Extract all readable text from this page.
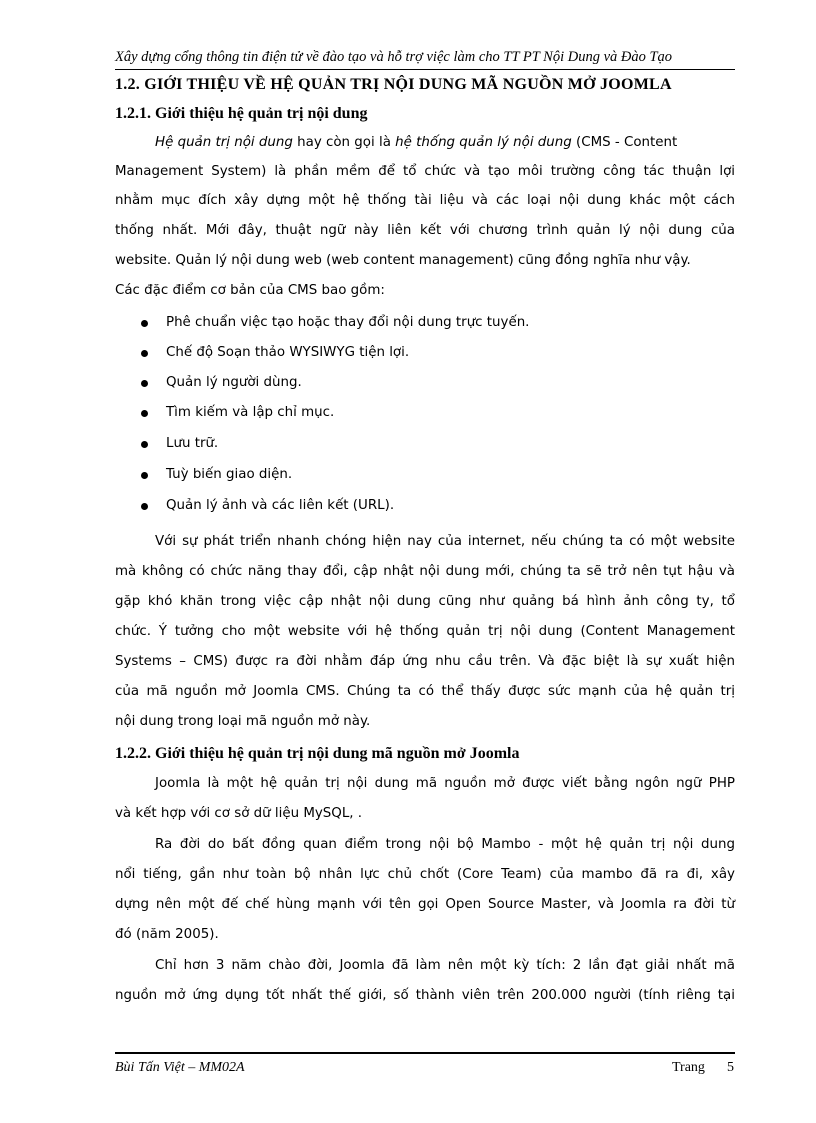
Xây dựng cổng thông tin điện tử về đào tạo và hỗ trợ việc làm cho TT PT Nội Dung và Đào Tạo
1.2. GIỚI THIỆU VỀ HỆ QUẢN TRỊ NỘI DUNG MÃ NGUỒN MỞ JOOMLA
1.2.1. Giới thiệu hệ quản trị nội dung
Hệ quản trị nội dung hay còn gọi là hệ thống quản lý nội dung (CMS - Content
Management System) là phần mềm để tổ chức và tạo môi trường công tác thuận lợi
nhằm mục đích xây dựng một hệ thống tài liệu và các loại nội dung khác một cách
thống nhất. Mới đây, thuật ngữ này liên kết với chương trình quản lý nội dung của
website. Quản lý nội dung web (web content management) cũng đồng nghĩa như vậy.
Các đặc điểm cơ bản của CMS bao gồm:
Phê chuẩn việc tạo hoặc thay đổi nội dung trực tuyến.
Chế độ Soạn thảo WYSIWYG tiện lợi.
Quản lý người dùng.
Tìm kiếm và lập chỉ mục.
Lưu trữ.
Tuỳ biến giao diện.
Quản lý ảnh và các liên kết (URL).
Với sự phát triển nhanh chóng hiện nay của internet, nếu chúng ta có một website
mà không có chức năng thay đổi, cập nhật nội dung mới, chúng ta sẽ trở nên tụt hậu và
gặp khó khăn trong việc cập nhật nội dung cũng như quảng bá hình ảnh công ty, tổ
chức. Ý tưởng cho một website với hệ thống quản trị nội dung (Content Management
Systems – CMS) được ra đời nhằm đáp ứng nhu cầu trên. Và đặc biệt là sự xuất hiện
của mã nguồn mở Joomla CMS. Chúng ta có thể thấy được sức mạnh của hệ quản trị
nội dung trong loại mã nguồn mở này.
1.2.2. Giới thiệu hệ quản trị nội dung mã nguồn mở Joomla
Joomla là một hệ quản trị nội dung mã nguồn mở được viết bằng ngôn ngữ PHP
và kết hợp với cơ sở dữ liệu MySQL, .
Ra đời do bất đồng quan điểm trong nội bộ Mambo - một hệ quản trị nội dung
nổi tiếng, gần như toàn bộ nhân lực chủ chốt (Core Team) của mambo đã ra đi, xây
dựng nên một đế chế hùng mạnh với tên gọi Open Source Master, và Joomla ra đời từ
đó (năm 2005).
Chỉ hơn 3 năm chào đời, Joomla đã làm nên một kỳ tích: 2 lần đạt giải nhất mã
nguồn mở ứng dụng tốt nhất thế giới, số thành viên trên 200.000 người (tính riêng tại
Bùi Tấn Việt – MM02A	Trang 5
